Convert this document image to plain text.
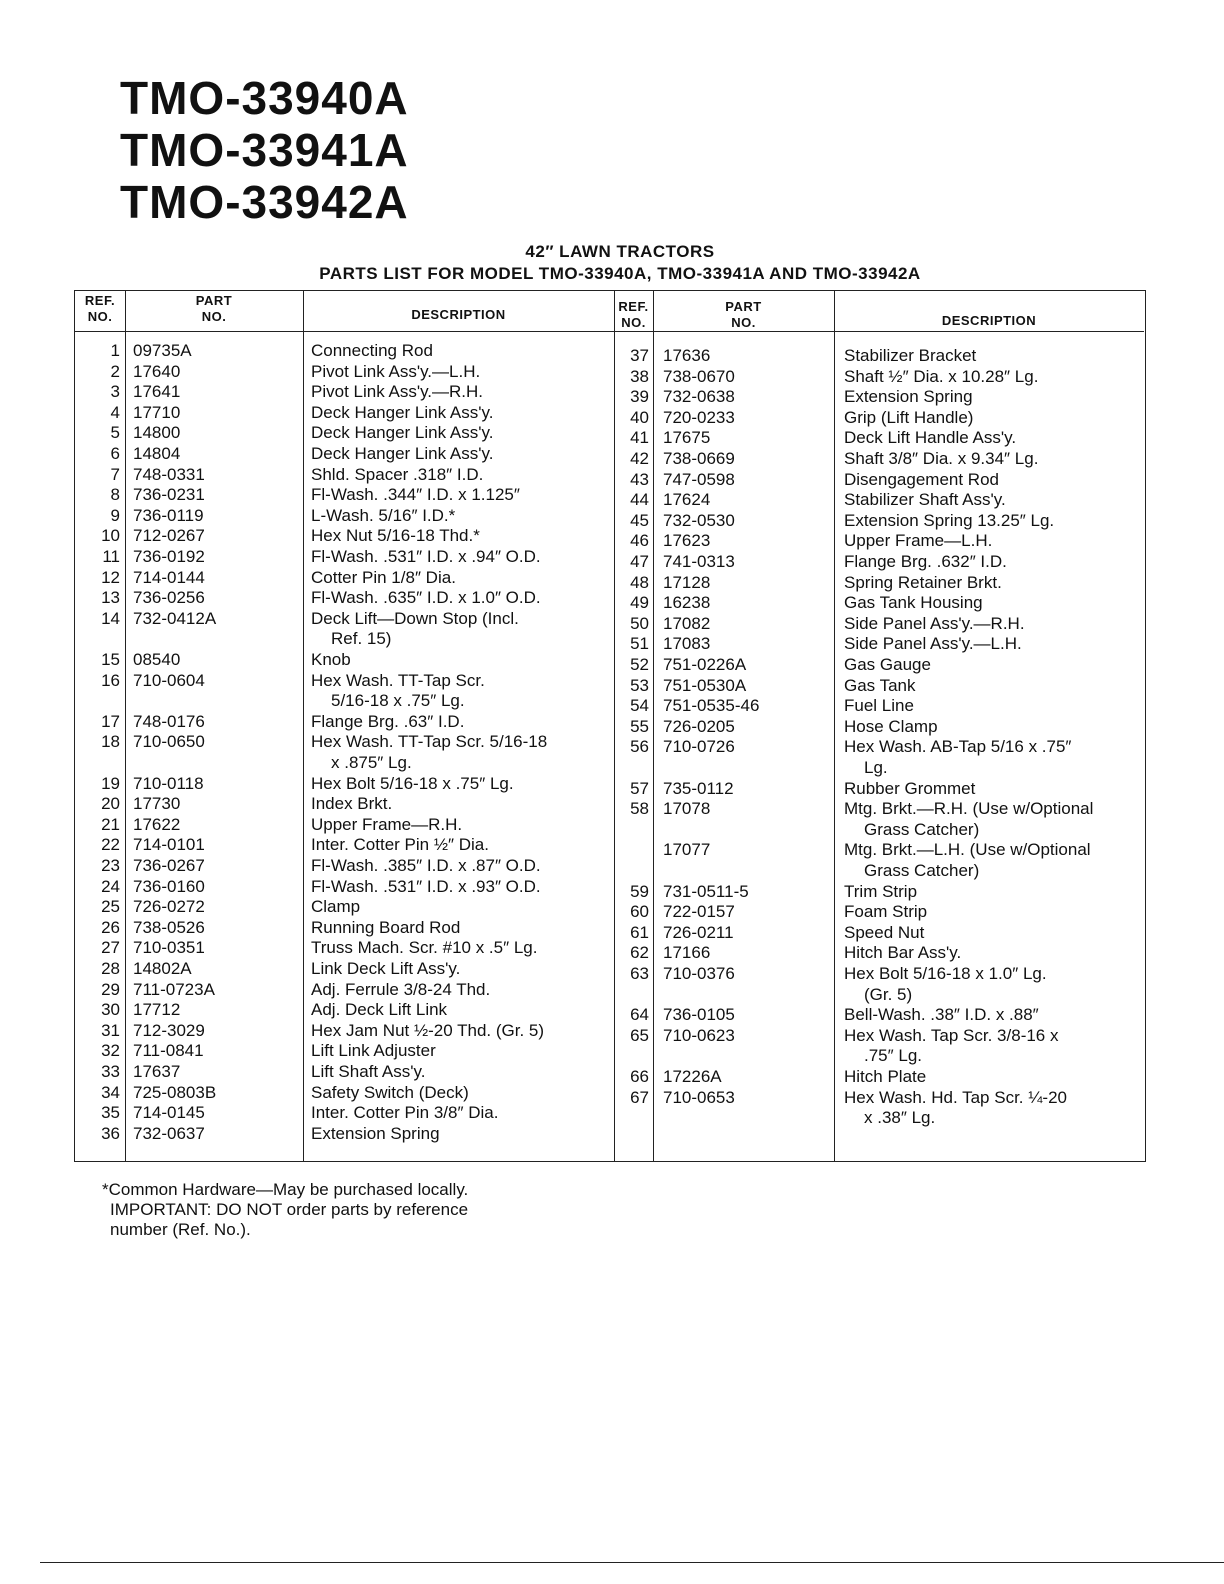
TMO-33940A
TMO-33941A
TMO-33942A
42″ LAWN TRACTORS
PARTS LIST FOR MODEL TMO-33940A, TMO-33941A AND TMO-33942A
REF.
NO.
PART
NO.	DESCRIPTION
REF.
NO.
PART
NO.	DESCRIPTION
1 09735A	Connecting Rod
2 17640	Pivot Link Ass'y.—L.H.
3 17641	Pivot Link Ass'y.—R.H.
4 17710	Deck Hanger Link Ass'y.
5 14800	Deck Hanger Link Ass'y.
6 14804	Deck Hanger Link Ass'y.
7 748-0331	Shld. Spacer .318″ I.D.
8 736-0231	Fl-Wash. .344″ I.D. x 1.125″
9 736-0119	L-Wash. 5/16″ I.D.*
10 712-0267	Hex Nut 5/16-18 Thd.*
11 736-0192	Fl-Wash. .531″ I.D. x .94″ O.D.
12 714-0144	Cotter Pin 1/8″ Dia.
13 736-0256	Fl-Wash. .635″ I.D. x 1.0″ O.D.
14 732-0412A	Deck Lift—Down Stop (Incl.
Ref. 15)
15 08540	Knob
16 710-0604	Hex Wash. TT-Tap Scr.
5/16-18 x .75″ Lg.
17 748-0176	Flange Brg. .63″ I.D.
18 710-0650	Hex Wash. TT-Tap Scr. 5/16-18
x .875″ Lg.
19 710-0118	Hex Bolt 5/16-18 x .75″ Lg.
20 17730	Index Brkt.
21 17622	Upper Frame—R.H.
22 714-0101	Inter. Cotter Pin ½″ Dia.
23 736-0267	Fl-Wash. .385″ I.D. x .87″ O.D.
24 736-0160	Fl-Wash. .531″ I.D. x .93″ O.D.
25 726-0272	Clamp
26 738-0526	Running Board Rod
27 710-0351	Truss Mach. Scr. #10 x .5″ Lg.
28 14802A	Link Deck Lift Ass'y.
29 711-0723A	Adj. Ferrule 3/8-24 Thd.
30 17712	Adj. Deck Lift Link
31 712-3029	Hex Jam Nut ½-20 Thd. (Gr. 5)
32 711-0841	Lift Link Adjuster
33 17637	Lift Shaft Ass'y.
34 725-0803B	Safety Switch (Deck)
35 714-0145	Inter. Cotter Pin 3/8″ Dia.
36 732-0637	Extension Spring
37 17636	Stabilizer Bracket
38 738-0670	Shaft ½″ Dia. x 10.28″ Lg.
39 732-0638	Extension Spring
40 720-0233	Grip (Lift Handle)
41 17675	Deck Lift Handle Ass'y.
42 738-0669	Shaft 3/8″ Dia. x 9.34″ Lg.
43 747-0598	Disengagement Rod
44 17624	Stabilizer Shaft Ass'y.
45 732-0530	Extension Spring 13.25″ Lg.
46 17623	Upper Frame—L.H.
47 741-0313	Flange Brg. .632″ I.D.
48 17128	Spring Retainer Brkt.
49 16238	Gas Tank Housing
50 17082	Side Panel Ass'y.—R.H.
51 17083	Side Panel Ass'y.—L.H.
52 751-0226A	Gas Gauge
53 751-0530A	Gas Tank
54 751-0535-46	Fuel Line
55 726-0205	Hose Clamp
56 710-0726	Hex Wash. AB-Tap 5/16 x .75″
Lg.
57 735-0112	Rubber Grommet
58 17078	Mtg. Brkt.—R.H. (Use w/Optional
Grass Catcher)
17077	Mtg. Brkt.—L.H. (Use w/Optional
Grass Catcher)
59 731-0511-5	Trim Strip
60 722-0157	Foam Strip
61 726-0211	Speed Nut
62 17166	Hitch Bar Ass'y.
63 710-0376	Hex Bolt 5/16-18 x 1.0″ Lg.
(Gr. 5)
64 736-0105	Bell-Wash. .38″ I.D. x .88″
65 710-0623	Hex Wash. Tap Scr. 3/8-16 x
.75″ Lg.
66 17226A	Hitch Plate
67 710-0653	Hex Wash. Hd. Tap Scr. ¼-20
x .38″ Lg.
*Common Hardware—May be purchased locally.
IMPORTANT: DO NOT order parts by reference
number (Ref. No.).
